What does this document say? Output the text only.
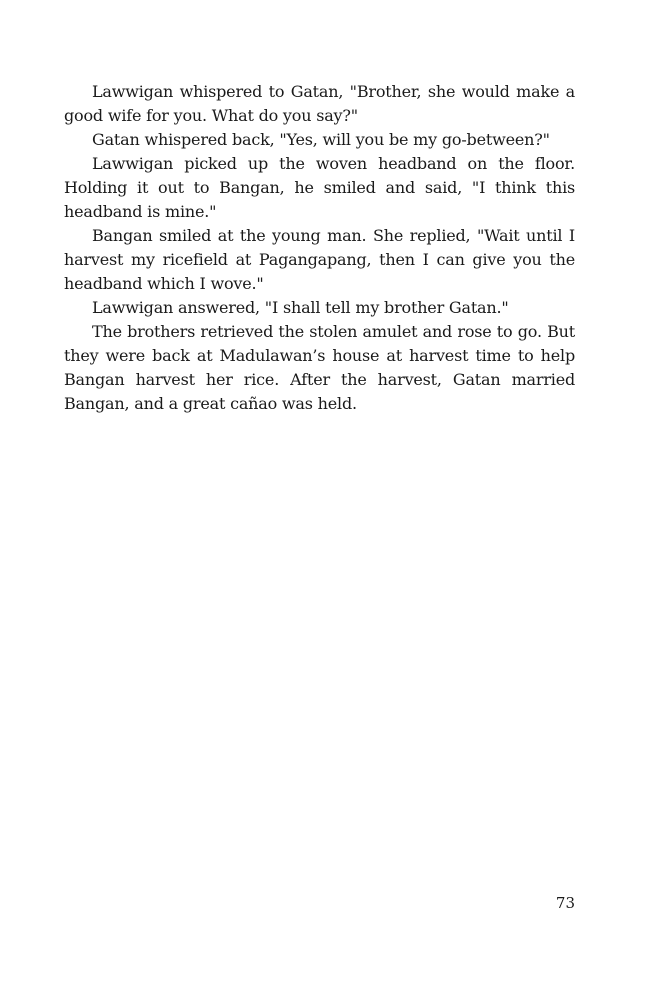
Lawwigan whispered to Gatan, "Brother, she would make a good wife for you. What do you say?"

Gatan whispered back, "Yes, will you be my go-between?"

Lawwigan picked up the woven headband on the floor. Holding it out to Bangan, he smiled and said, "I think this headband is mine."

Bangan smiled at the young man. She replied, "Wait until I harvest my ricefield at Pagangapang, then I can give you the headband which I wove."

Lawwigan answered, "I shall tell my brother Gatan."

The brothers retrieved the stolen amulet and rose to go. But they were back at Madulawan’s house at harvest time to help Bangan harvest her rice. After the harvest, Gatan married Bangan, and a great cañao was held.

73
